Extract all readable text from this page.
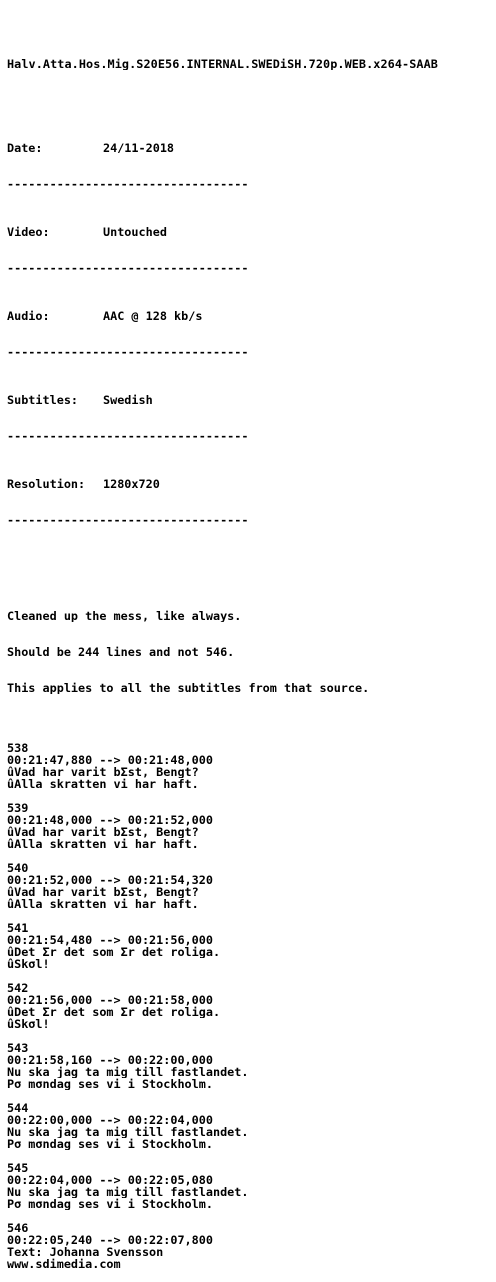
Halv.Atta.Hos.Mig.S20E56.INTERNAL.SWEDiSH.720p.WEB.x264-SAAB

Date:	24/11-2018

----------------------------------

Video:	Untouched

----------------------------------

Audio:	AAC @ 128 kb/s

----------------------------------

Subtitles:	Swedish

----------------------------------

Resolution:	1280x720

----------------------------------

Cleaned up the mess, like always.

Should be 244 lines and not 546.

This applies to all the subtitles from that source.

538
00:21:47,880 --> 00:21:48,000
ûVad har varit bΣst, Bengt?
ûAlla skratten vi har haft.
539
00:21:48,000 --> 00:21:52,000
ûVad har varit bΣst, Bengt?
ûAlla skratten vi har haft.
540
00:21:52,000 --> 00:21:54,320
ûVad har varit bΣst, Bengt?
ûAlla skratten vi har haft.
541
00:21:54,480 --> 00:21:56,000
ûDet Σr det som Σr det roliga.
ûSkσl!
542
00:21:56,000 --> 00:21:58,000
ûDet Σr det som Σr det roliga.
ûSkσl!
543
00:21:58,160 --> 00:22:00,000
Nu ska jag ta mig till fastlandet.
Pσ mσndag ses vi i Stockholm.
544
00:22:00,000 --> 00:22:04,000
Nu ska jag ta mig till fastlandet.
Pσ mσndag ses vi i Stockholm.
545
00:22:04,000 --> 00:22:05,080
Nu ska jag ta mig till fastlandet.
Pσ mσndag ses vi i Stockholm.
546
00:22:05,240 --> 00:22:07,800
Text: Johanna Svensson
www.sdimedia.com
